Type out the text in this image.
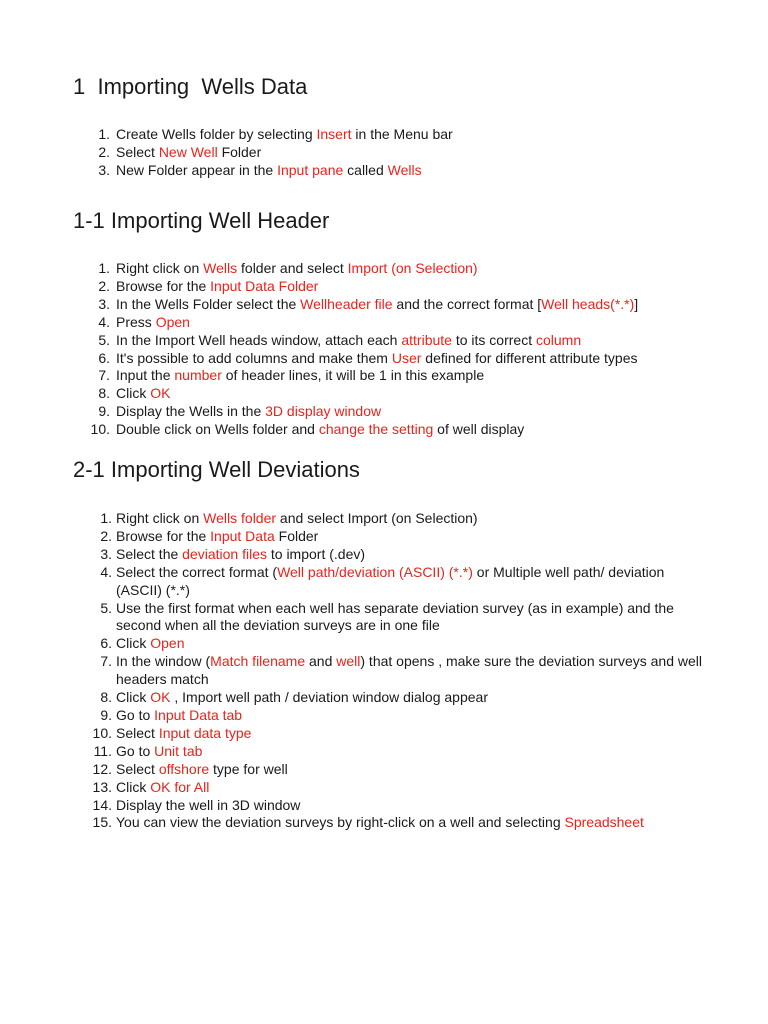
1  Importing  Wells Data
1. Create Wells folder by selecting Insert in the Menu bar
2. Select New Well Folder
3. New Folder appear in the Input pane called Wells
1-1 Importing Well Header
1. Right click on Wells folder and select Import (on Selection)
2. Browse for the Input Data Folder
3. In the Wells Folder select the Wellheader file and the correct format [Well heads(*.*)]
4. Press Open
5. In the Import Well heads window, attach each attribute to its correct column
6. It's possible to add columns and make them User defined for different attribute types
7. Input the number of header lines, it will be 1 in this example
8. Click OK
9. Display the Wells in the 3D display window
10. Double click on Wells folder and change the setting of well display
2-1 Importing Well Deviations
1. Right click on Wells folder and select Import (on Selection)
2. Browse for the Input Data Folder
3. Select the deviation files to import (.dev)
4. Select the correct format (Well path/deviation (ASCII) (*.*) or Multiple well path/ deviation (ASCII) (*.*)
5. Use the first format when each well has separate deviation survey (as in example) and the second when all the deviation surveys are in one file
6. Click Open
7. In the window (Match filename and well) that opens , make sure the deviation surveys and well headers match
8. Click OK , Import well path / deviation window dialog appear
9. Go to Input Data tab
10. Select Input data type
11. Go to Unit tab
12. Select offshore type for well
13. Click OK for All
14. Display the well in 3D window
15. You can view the deviation surveys by right-click on a well and selecting Spreadsheet
